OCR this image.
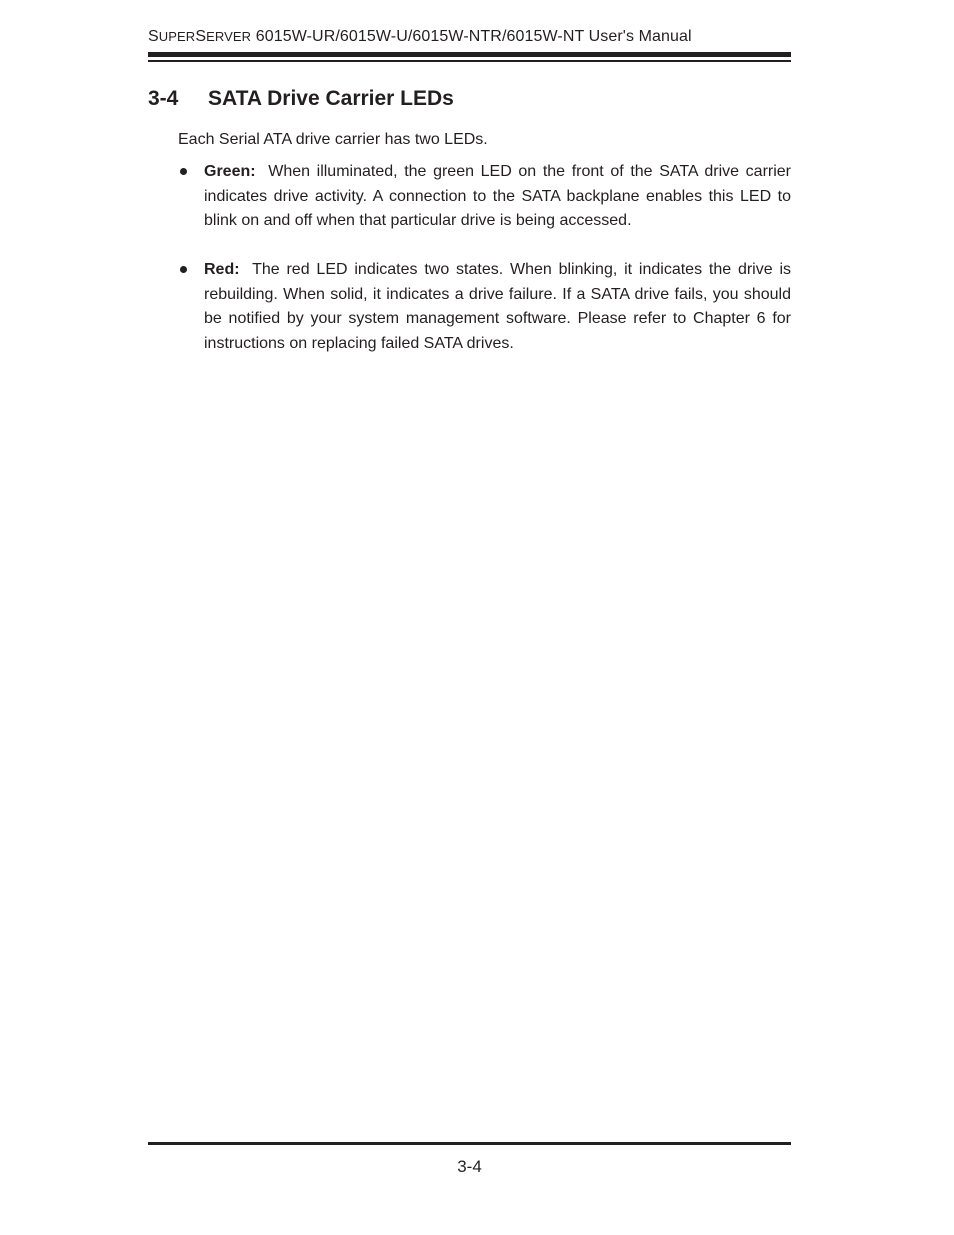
SUPERSERVER 6015W-UR/6015W-U/6015W-NTR/6015W-NT User's Manual
3-4 SATA Drive Carrier LEDs

Each Serial ATA drive carrier has two LEDs.

Green: When illuminated, the green LED on the front of the SATA drive carrier indicates drive activity. A connection to the SATA backplane enables this LED to blink on and off when that particular drive is being accessed.

Red: The red LED indicates two states. When blinking, it indicates the drive is rebuilding. When solid, it indicates a drive failure. If a SATA drive fails, you should be notified by your system management software. Please refer to Chapter 6 for instructions on replacing failed SATA drives.

3-4
